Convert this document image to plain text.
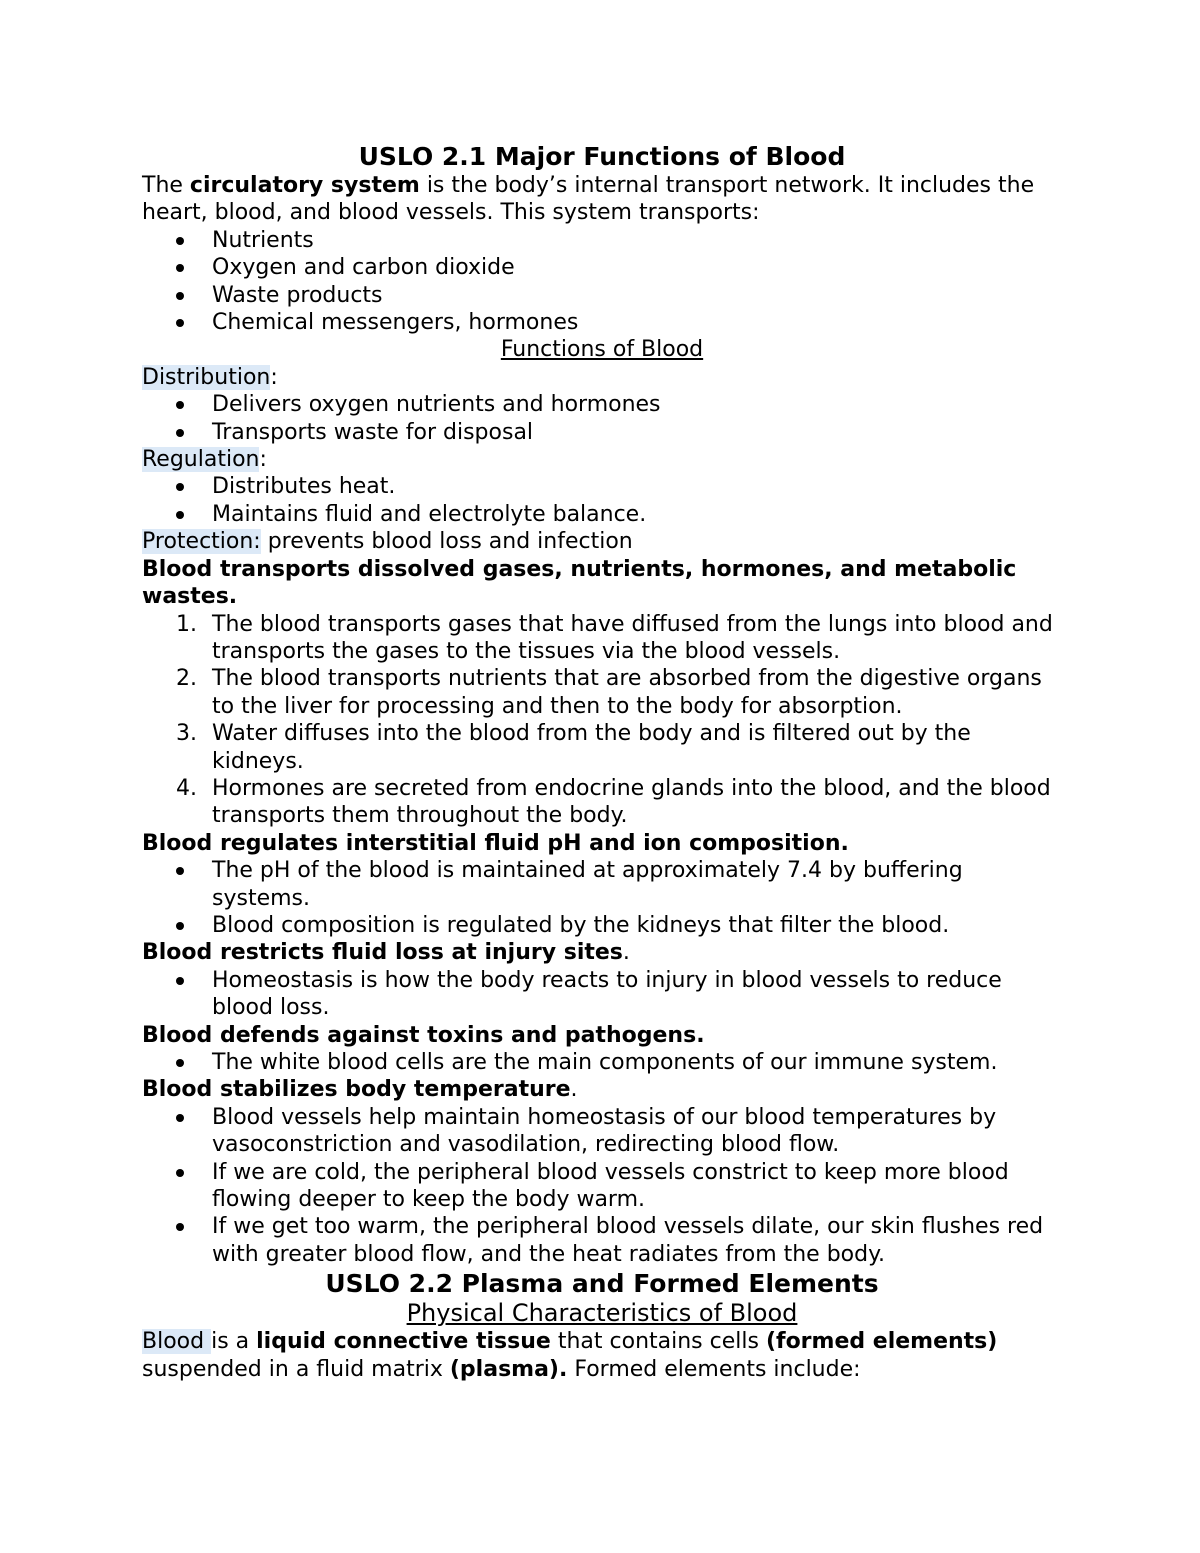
USLO 2.1 Major Functions of Blood

The circulatory system is the body’s internal transport network. It includes the heart, blood, and blood vessels. This system transports:

Nutrients
Oxygen and carbon dioxide
Waste products
Chemical messengers, hormones

Functions of Blood

Distribution:

Delivers oxygen nutrients and hormones
Transports waste for disposal

Regulation:

Distributes heat.
Maintains fluid and electrolyte balance.

Protection: prevents blood loss and infection

Blood transports dissolved gases, nutrients, hormones, and metabolic wastes.

1. The blood transports gases that have diffused from the lungs into blood and transports the gases to the tissues via the blood vessels.
2. The blood transports nutrients that are absorbed from the digestive organs to the liver for processing and then to the body for absorption.
3. Water diffuses into the blood from the body and is filtered out by the kidneys.
4. Hormones are secreted from endocrine glands into the blood, and the blood transports them throughout the body.

Blood regulates interstitial fluid pH and ion composition.

The pH of the blood is maintained at approximately 7.4 by buffering systems.
Blood composition is regulated by the kidneys that filter the blood.

Blood restricts fluid loss at injury sites.

Homeostasis is how the body reacts to injury in blood vessels to reduce blood loss.

Blood defends against toxins and pathogens.

The white blood cells are the main components of our immune system.

Blood stabilizes body temperature.

Blood vessels help maintain homeostasis of our blood temperatures by vasoconstriction and vasodilation, redirecting blood flow.
If we are cold, the peripheral blood vessels constrict to keep more blood flowing deeper to keep the body warm.
If we get too warm, the peripheral blood vessels dilate, our skin flushes red with greater blood flow, and the heat radiates from the body.
USLO 2.2 Plasma and Formed Elements

Physical Characteristics of Blood

Blood is a liquid connective tissue that contains cells (formed elements) suspended in a fluid matrix (plasma). Formed elements include:
